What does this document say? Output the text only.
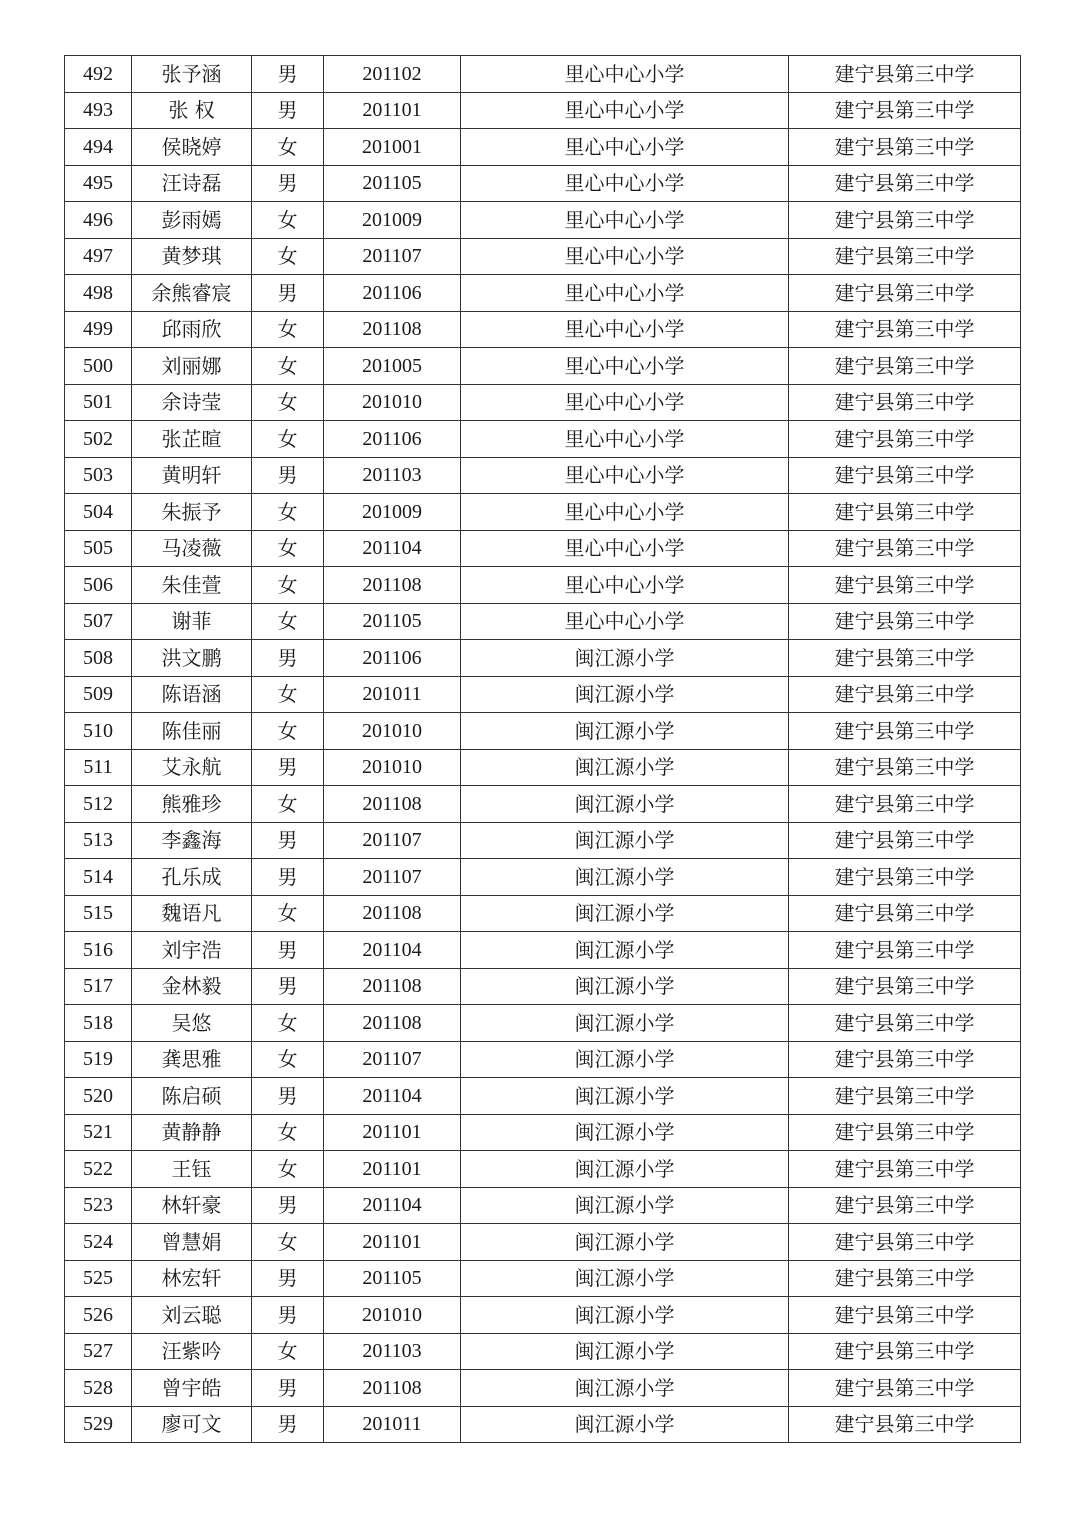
492	张予涵	男	201102	里心中心小学	建宁县第三中学
493	张 权	男	201101	里心中心小学	建宁县第三中学
494	侯晓婷	女	201001	里心中心小学	建宁县第三中学
495	汪诗磊	男	201105	里心中心小学	建宁县第三中学
496	彭雨嫣	女	201009	里心中心小学	建宁县第三中学
497	黄梦琪	女	201107	里心中心小学	建宁县第三中学
498	余熊睿宸	男	201106	里心中心小学	建宁县第三中学
499	邱雨欣	女	201108	里心中心小学	建宁县第三中学
500	刘丽娜	女	201005	里心中心小学	建宁县第三中学
501	余诗莹	女	201010	里心中心小学	建宁县第三中学
502	张芷暄	女	201106	里心中心小学	建宁县第三中学
503	黄明轩	男	201103	里心中心小学	建宁县第三中学
504	朱振予	女	201009	里心中心小学	建宁县第三中学
505	马凌薇	女	201104	里心中心小学	建宁县第三中学
506	朱佳萱	女	201108	里心中心小学	建宁县第三中学
507	谢菲	女	201105	里心中心小学	建宁县第三中学
508	洪文鹏	男	201106	闽江源小学	建宁县第三中学
509	陈语涵	女	201011	闽江源小学	建宁县第三中学
510	陈佳丽	女	201010	闽江源小学	建宁县第三中学
511	艾永航	男	201010	闽江源小学	建宁县第三中学
512	熊雅珍	女	201108	闽江源小学	建宁县第三中学
513	李鑫海	男	201107	闽江源小学	建宁县第三中学
514	孔乐成	男	201107	闽江源小学	建宁县第三中学
515	魏语凡	女	201108	闽江源小学	建宁县第三中学
516	刘宇浩	男	201104	闽江源小学	建宁县第三中学
517	金林毅	男	201108	闽江源小学	建宁县第三中学
518	吴悠	女	201108	闽江源小学	建宁县第三中学
519	龚思雅	女	201107	闽江源小学	建宁县第三中学
520	陈启硕	男	201104	闽江源小学	建宁县第三中学
521	黄静静	女	201101	闽江源小学	建宁县第三中学
522	王钰	女	201101	闽江源小学	建宁县第三中学
523	林轩豪	男	201104	闽江源小学	建宁县第三中学
524	曾慧娟	女	201101	闽江源小学	建宁县第三中学
525	林宏轩	男	201105	闽江源小学	建宁县第三中学
526	刘云聪	男	201010	闽江源小学	建宁县第三中学
527	汪紫吟	女	201103	闽江源小学	建宁县第三中学
528	曾宇皓	男	201108	闽江源小学	建宁县第三中学
529	廖可文	男	201011	闽江源小学	建宁县第三中学
